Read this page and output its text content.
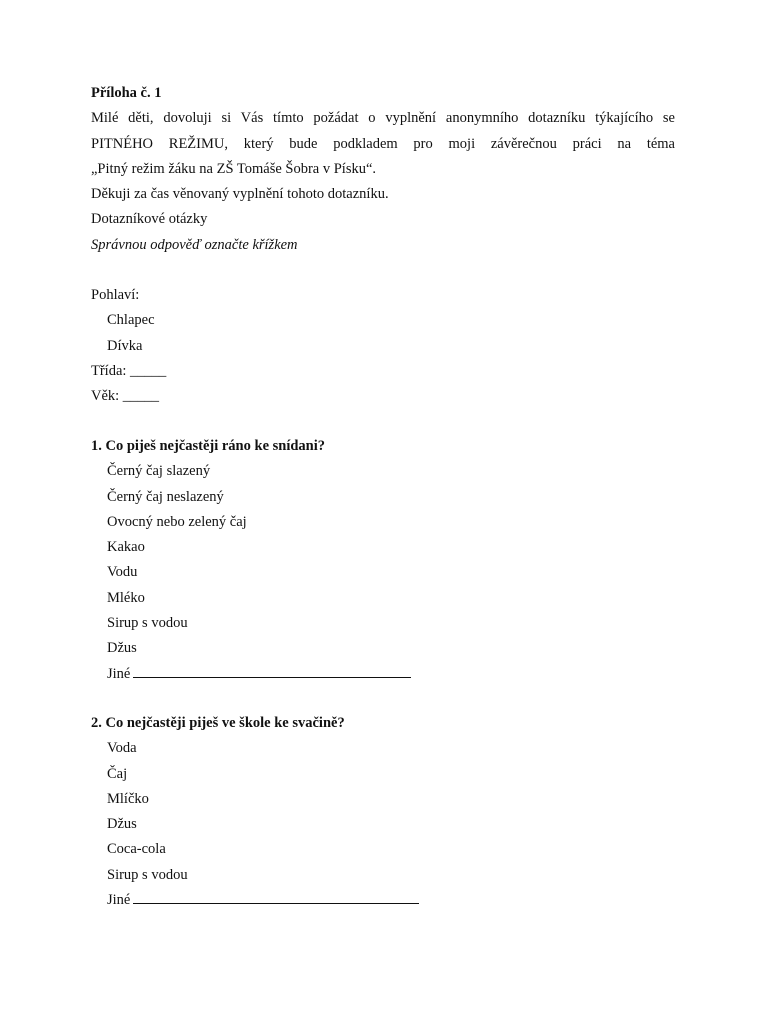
Příloha č. 1
Milé děti, dovoluji si Vás tímto požádat o vyplnění anonymního dotazníku týkajícího se
PITNÉHO REŽIMU, který bude podkladem pro moji závěrečnou práci na téma
„Pitný režim žáku na ZŠ Tomáše Šobra v Písku“.
Děkuji za čas věnovaný vyplnění tohoto dotazníku.
Dotazníkové otázky
Správnou odpověď označte křížkem
Pohlaví:
Chlapec
Dívka
Třída: _____
Věk: _____
1. Co piješ nejčastěji ráno ke snídani?
Černý čaj slazený
Černý čaj neslazený
Ovocný nebo zelený čaj
Kakao
Vodu
Mléko
Sirup s vodou
Džus
Jiné
2. Co nejčastěji piješ ve škole ke svačině?
Voda
Čaj
Mlíčko
Džus
Coca-cola
Sirup s vodou
Jiné
